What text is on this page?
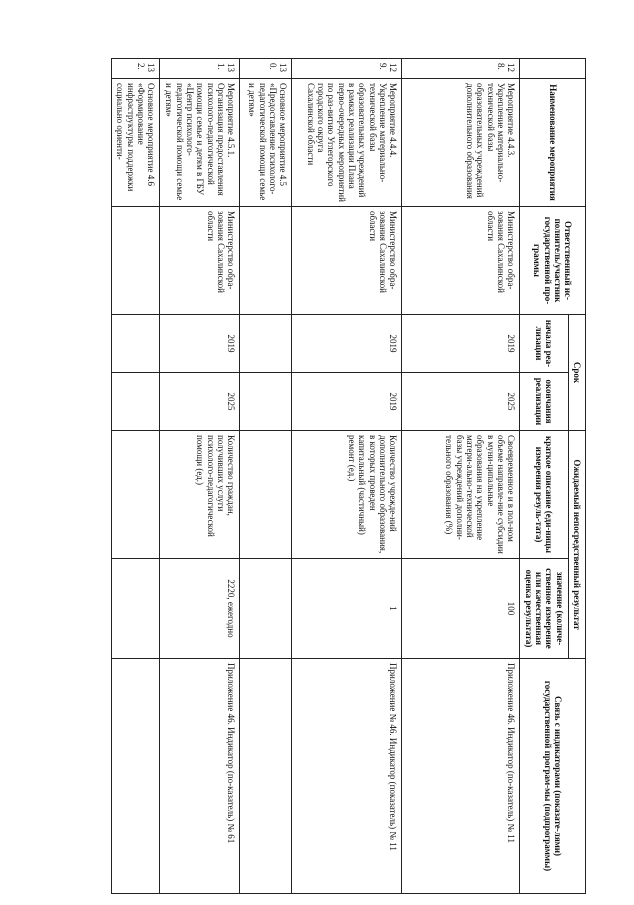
	Наименование мероприятия	Ответственный ис-полнитель/участник государственной про-граммы	Срок		Ожидаемый непосредственный результат		Связь с индикаторами (показате-лями) государственной програм-мы (подпрограммы)
			начала реа-лизации	окончания реализации	краткое описание (еди-ницы измерения резуль-тата)	значение (количе-ственное измерение или качественная оценка результата)	
128.	Мероприятие 4.4.3. Укрепление материально-технической базы образовательных учреждений дополнительного образования	Министерство обра-зования Сахалинской области	2019	2025	Своевременное и в пол-ном объеме направле-ние субсидии в муни-ципальные образования на укрепление матери-ально-технической базы учреждений дополни-тельного образования (%)	100	Приложение 46. Индикатор (по-казатель) № 11
129.	Мероприятие 4.4.4. Укрепление материально-технической базы образовательных учреждений в рамках реализации Плана перво-очередных мероприятий по раз-витию Углегорского городского округа Сахалинской области	Министерство обра-зования Сахалинской области	2019	2019	Количество учрежде-ний дополнительного образования, в которых проведен капитальный (частичный) ремонт (ед.)	1	Приложение № 46. Индикатор (показатель) № 11
130.	Основное мероприятие 4.5 «Предоставление психолого-педагогической помощи семье и детям»						
131.	Мероприятие 4.5.1. Организация предоставления психолого-педагогической помощи семье и детям в ГБУ «Центр психолого-педагогической помощи семье и детям»	Министерство обра-зования Сахалинской области	2019	2025	Количество граждан, получивших услуги психолого-педагогической помощи (ед.)	2220, ежегодно	Приложение 46. Индикатор (по-казатель) № 61
132.	Основное мероприятие 4.6 «Формирование инфраструктуры поддержки социально ориенти-						
